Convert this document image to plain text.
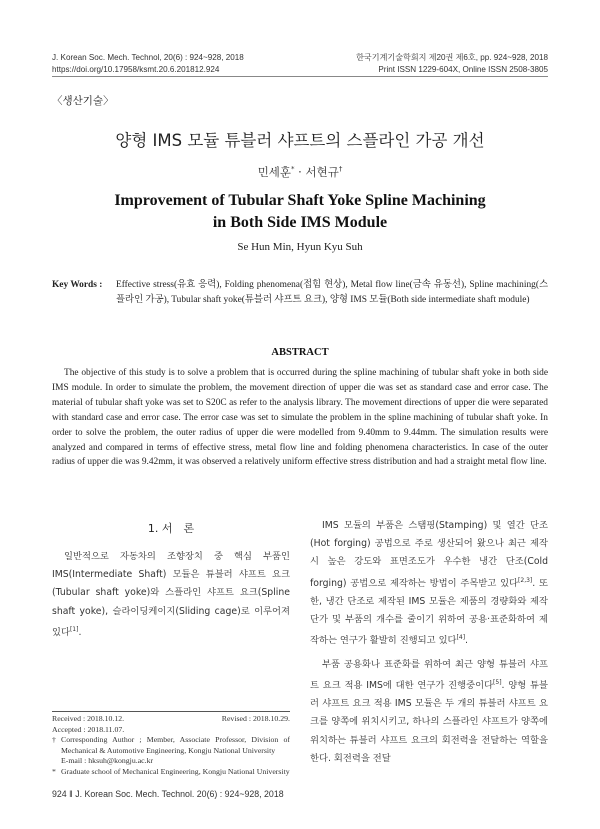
J. Korean Soc. Mech. Technol, 20(6) : 924~928, 2018	한국기계기술학회지 제20권 제6호, pp. 924~928, 2018
https://doi.org/10.17958/ksmt.20.6.201812.924	Print ISSN 1229-604X, Online ISSN 2508-3805
〈생산기술〉
양형 IMS 모듈 튜블러 샤프트의 스플라인 가공 개선
민세훈* · 서현규†
Improvement of Tubular Shaft Yoke Spline Machining
in Both Side IMS Module
Se Hun Min, Hyun Kyu Suh
Key Words : Effective stress(유효 응력), Folding phenomena(접힘 현상), Metal flow line(금속 유동선), Spline machining(스플라인 가공), Tubular shaft yoke(튜블러 샤프트 요크), 양형 IMS 모듈(Both side intermediate shaft module)
ABSTRACT
The objective of this study is to solve a problem that is occurred during the spline machining of tubular shaft yoke in both side IMS module. In order to simulate the problem, the movement direction of upper die was set as standard case and error case. The material of tubular shaft yoke was set to S20C as refer to the analysis library. The movement directions of upper die were separated with standard case and error case. The error case was set to simulate the problem in the spline machining of tubular shaft yoke. In order to solve the problem, the outer radius of upper die were modelled from 9.40mm to 9.44mm. The simulation results were analyzed and compared in terms of effective stress, metal flow line and folding phenomena characteristics. In case of the outer radius of upper die was 9.42mm, it was observed a relatively uniform effective stress distribution and had a straight metal flow line.
1. 서　론

일반적으로 자동차의 조향장치 중 핵심 부품인 IMS(Intermediate Shaft) 모듈은 튜블러 샤프트 요크(Tubular shaft yoke)와 스플라인 샤프트 요크(Spline shaft yoke), 슬라이딩케이지(Sliding cage)로 이루어져 있다[1].

IMS 모듈의 부품은 스탬핑(Stamping) 및 열간 단조(Hot forging) 공법으로 주로 생산되어 왔으나 최근 제작 시 높은 강도와 표면조도가 우수한 냉간 단조(Cold forging) 공법으로 제작하는 방법이 주목받고 있다[2,3]. 또한, 냉간 단조로 제작된 IMS 모듈은 제품의 경량화와 제작 단가 및 부품의 개수를 줄이기 위하여 공용·표준화하여 제작하는 연구가 활발히 진행되고 있다[4].

부품 공용화나 표준화를 위하여 최근 양형 튜블러 샤프트 요크 적용 IMS에 대한 연구가 진행중이다[5]. 양형 튜블러 샤프트 요크 적용 IMS 모듈은 두 개의 튜블러 샤프트 요크를 양쪽에 위치시키고, 하나의 스플라인 샤프트가 양쪽에 위치하는 튜블러 샤프트 요크의 회전력을 전달하는 역할을 한다. 회전력을 전달

Received : 2018.10.12.	Revised : 2018.10.29.
Accepted : 2018.11.07.
† Corresponding Author ; Member, Associate Professor, Division of Mechanical & Automotive Engineering, Kongju National University
E-mail : hksuh@kongju.ac.kr
* Graduate school of Mechanical Engineering, Kongju National University
924 ‖ J. Korean Soc. Mech. Technol. 20(6) : 924~928, 2018
